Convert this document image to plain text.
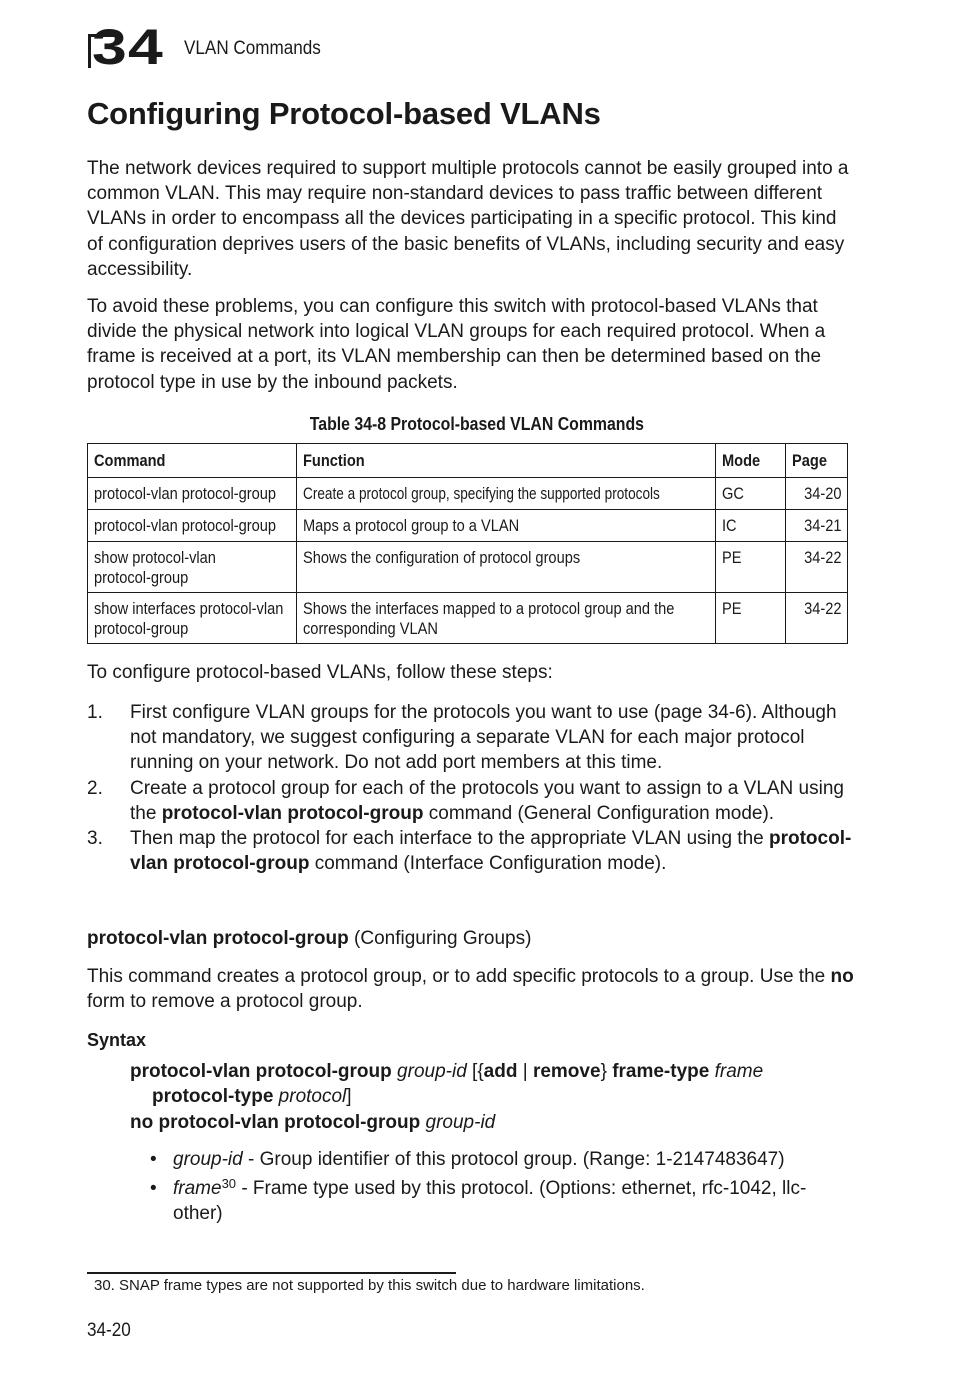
34 VLAN Commands
Configuring Protocol-based VLANs

The network devices required to support multiple protocols cannot be easily grouped into a common VLAN. This may require non-standard devices to pass traffic between different VLANs in order to encompass all the devices participating in a specific protocol. This kind of configuration deprives users of the basic benefits of VLANs, including security and easy accessibility.

To avoid these problems, you can configure this switch with protocol-based VLANs that divide the physical network into logical VLAN groups for each required protocol. When a frame is received at a port, its VLAN membership can then be determined based on the protocol type in use by the inbound packets.

Table 34-8 Protocol-based VLAN Commands
Command	Function	Mode	Page
protocol-vlan protocol-group	Create a protocol group, specifying the supported protocols	GC	34-20
protocol-vlan protocol-group	Maps a protocol group to a VLAN	IC	34-21

show protocol-vlan protocol-group	Shows the configuration of protocol groups	PE	34-22

show interfaces protocol-vlan protocol-group	Shows the interfaces mapped to a protocol group and the corresponding VLAN	PE	34-22

To configure protocol-based VLANs, follow these steps:

1. First configure VLAN groups for the protocols you want to use (page 34-6). Although not mandatory, we suggest configuring a separate VLAN for each major protocol running on your network. Do not add port members at this time.
2. Create a protocol group for each of the protocols you want to assign to a VLAN using the protocol-vlan protocol-group command (General Configuration mode).
3. Then map the protocol for each interface to the appropriate VLAN using the protocol-vlan protocol-group command (Interface Configuration mode).
protocol-vlan protocol-group (Configuring Groups)

This command creates a protocol group, or to add specific protocols to a group. Use the no form to remove a protocol group.

Syntax
protocol-vlan protocol-group group-id [{add | remove} frame-type frame
protocol-type protocol]
no protocol-vlan protocol-group group-id
• group-id - Group identifier of this protocol group. (Range: 1-2147483647)
• frame$^{30}$ - Frame type used by this protocol. (Options: ethernet, rfc-1042, llc-other)
30. SNAP frame types are not supported by this switch due to hardware limitations.
34-20
